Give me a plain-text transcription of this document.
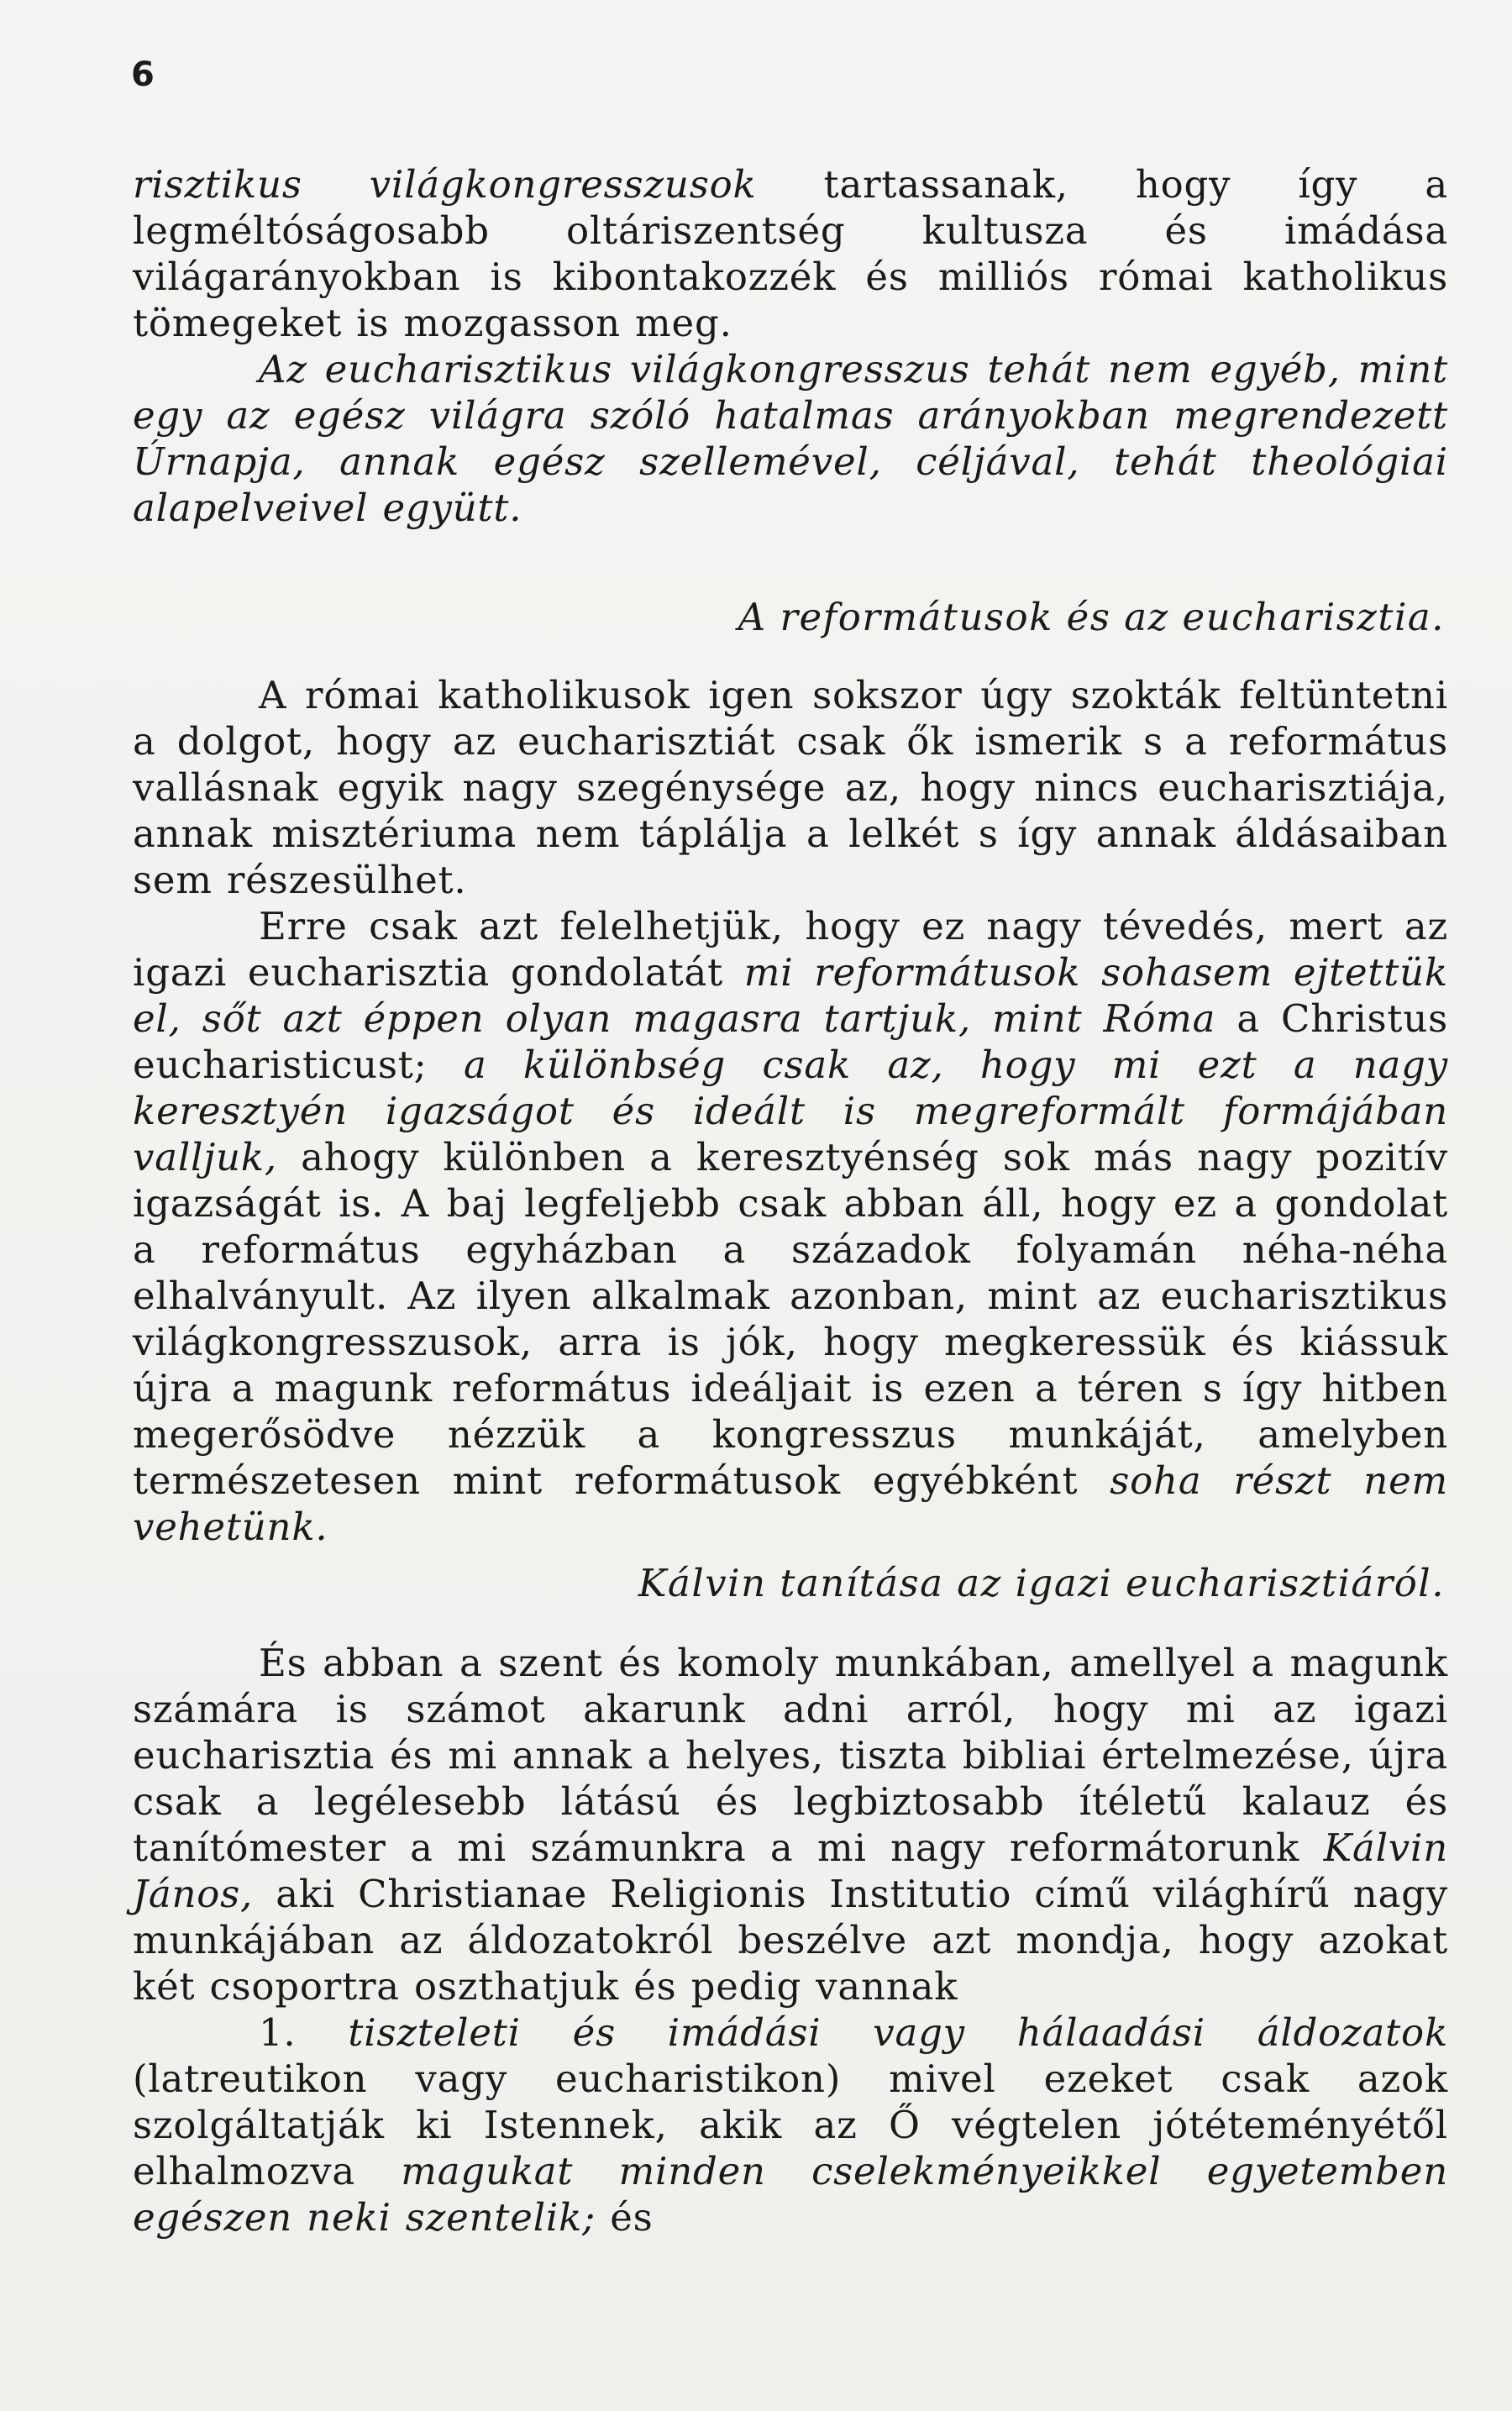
6

risztikus világkongresszusok tartassanak, hogy így a legméltóságosabb oltáriszentség kultusza és imádása világarányokban is kibontakozzék és milliós római katholikus tömegeket is mozgasson meg.

Az eucharisztikus világkongresszus tehát nem egyéb, mint egy az egész világra szóló hatalmas arányokban megrendezett Úrnapja, annak egész szellemével, céljával, tehát theológiai alapelveivel együtt.

A reformátusok és az eucharisztia.

A római katholikusok igen sokszor úgy szokták feltüntetni a dolgot, hogy az eucharisztiát csak ők ismerik s a református vallásnak egyik nagy szegénysége az, hogy nincs eucharisztiája, annak misztériuma nem táplálja a lelkét s így annak áldásaiban sem részesülhet.

Erre csak azt felelhetjük, hogy ez nagy tévedés, mert az igazi eucharisztia gondolatát mi reformátusok sohasem ejtettük el, sőt azt éppen olyan magasra tartjuk, mint Róma a Christus eucharisticust; a különbség csak az, hogy mi ezt a nagy keresztyén igazságot és ideált is megreformált formájában valljuk, ahogy különben a keresztyénség sok más nagy pozitív igazságát is. A baj legfeljebb csak abban áll, hogy ez a gondolat a református egyházban a századok folyamán néha-néha elhalványult. Az ilyen alkalmak azonban, mint az eucharisztikus világkongresszusok, arra is jók, hogy megkeressük és kiássuk újra a magunk református ideáljait is ezen a téren s így hitben megerősödve nézzük a kongresszus munkáját, amelyben természetesen mint reformátusok egyébként soha részt nem vehetünk.

Kálvin tanítása az igazi eucharisztiáról.

És abban a szent és komoly munkában, amellyel a magunk számára is számot akarunk adni arról, hogy mi az igazi eucharisztia és mi annak a helyes, tiszta bibliai értelmezése, újra csak a legélesebb látású és legbiztosabb ítéletű kalauz és tanítómester a mi számunkra a mi nagy reformátorunk Kálvin János, aki Christianae Religionis Institutio című világhírű nagy munkájában az áldozatokról beszélve azt mondja, hogy azokat két csoportra oszthatjuk és pedig vannak

1. tiszteleti és imádási vagy hálaadási áldozatok (latreutikon vagy eucharistikon) mivel ezeket csak azok szolgáltatják ki Istennek, akik az Ő végtelen jótéteményétől elhalmozva magukat minden cselekményeikkel egyetemben egészen neki szentelik; és
